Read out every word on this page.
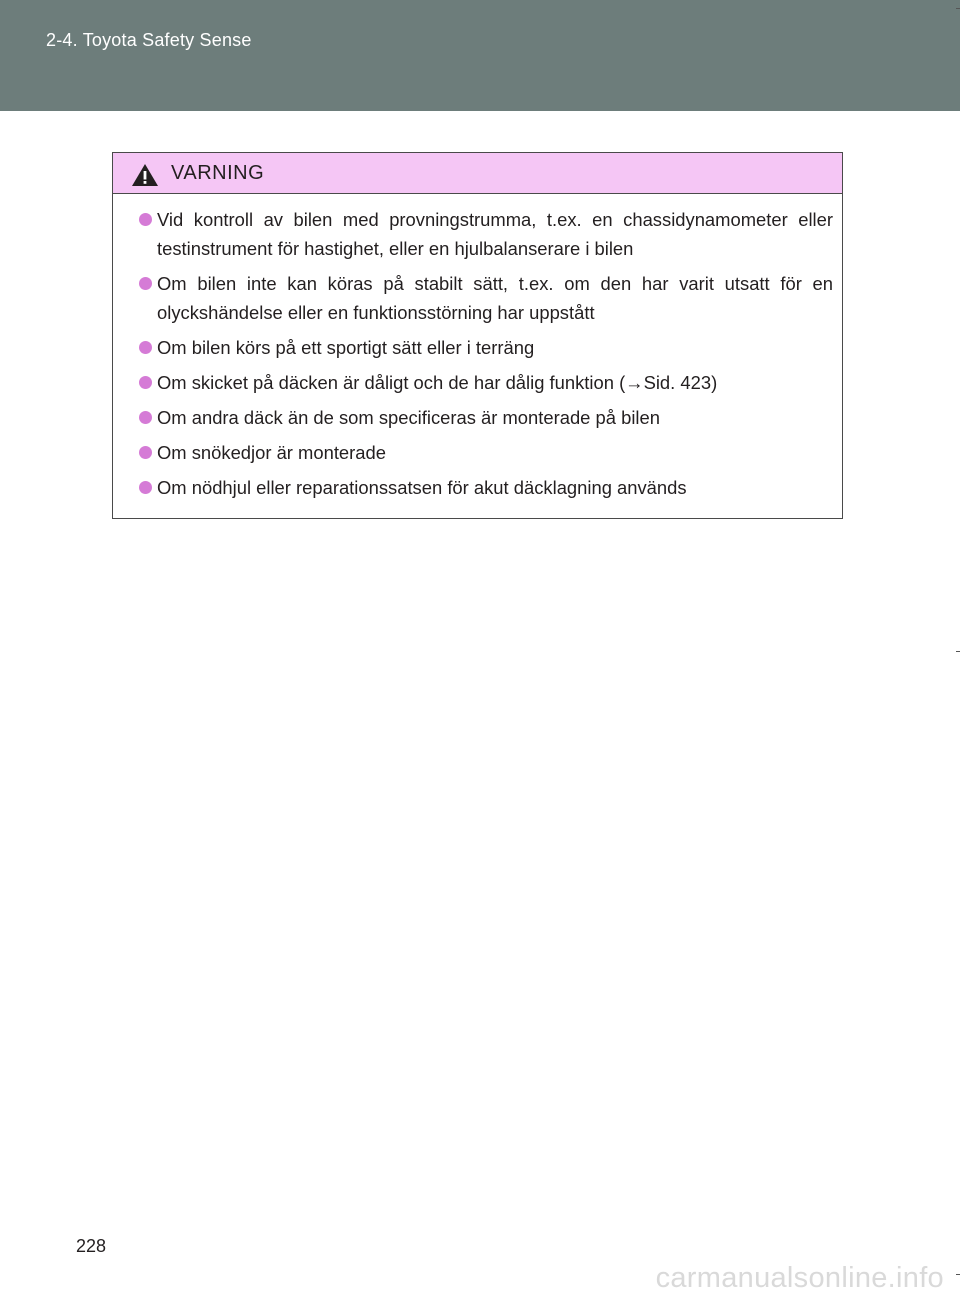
2-4. Toyota Safety Sense
VARNING
Vid kontroll av bilen med provningstrumma, t.ex. en chassidynamometer eller testinstrument för hastighet, eller en hjulbalanserare i bilen
Om bilen inte kan köras på stabilt sätt, t.ex. om den har varit utsatt för en olyckshändelse eller en funktionsstörning har uppstått
Om bilen körs på ett sportigt sätt eller i terräng
Om skicket på däcken är dåligt och de har dålig funktion (→Sid. 423)
Om andra däck än de som specificeras är monterade på bilen
Om snökedjor är monterade
Om nödhjul eller reparationssatsen för akut däcklagning används
228
carmanualsonline.info
